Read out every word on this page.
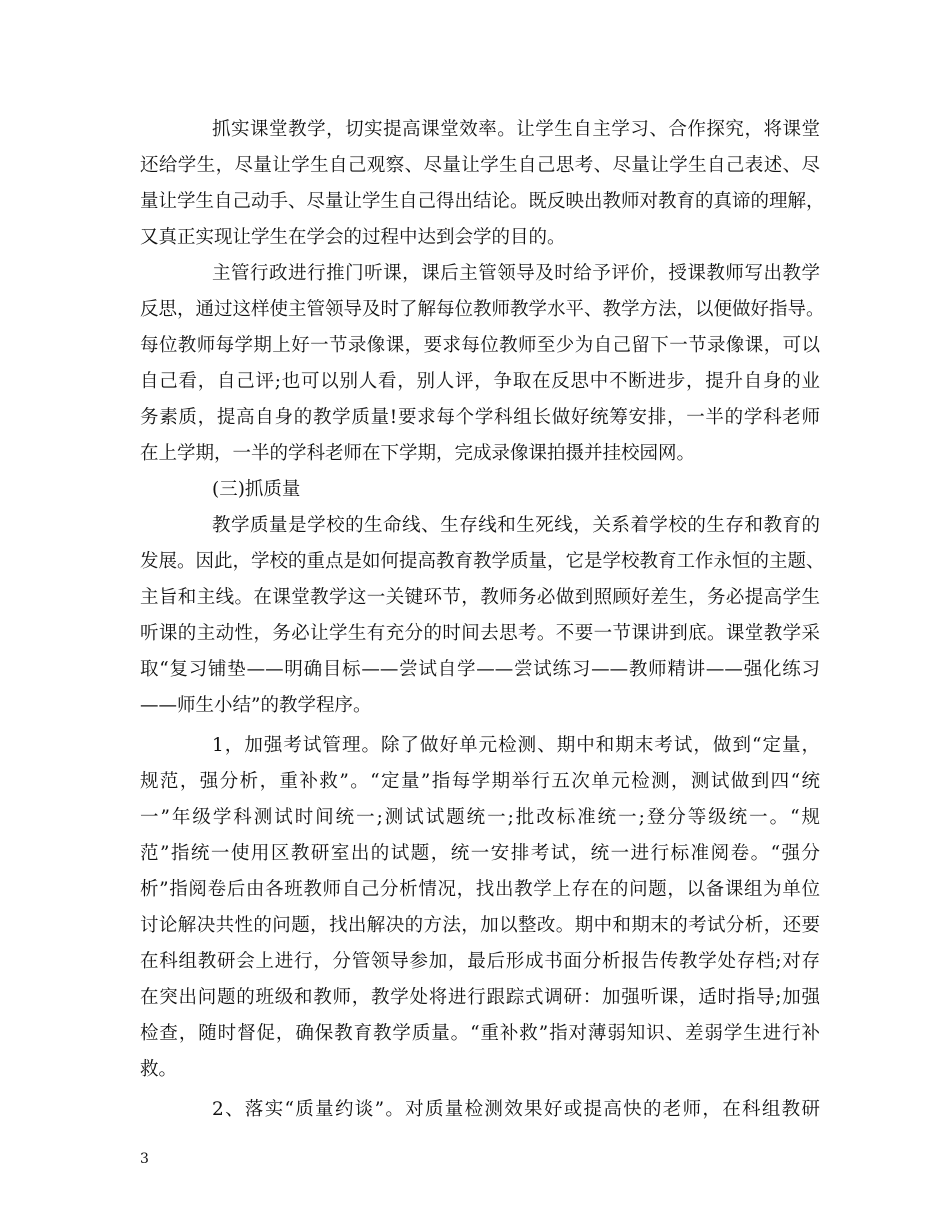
抓实课堂教学，切实提高课堂效率。让学生自主学习、合作探究，将课堂
还给学生，尽量让学生自己观察、尽量让学生自己思考、尽量让学生自己表述、尽
量让学生自己动手、尽量让学生自己得出结论。既反映出教师对教育的真谛的理解，
又真正实现让学生在学会的过程中达到会学的目的。
主管行政进行推门听课，课后主管领导及时给予评价，授课教师写出教学
反思，通过这样使主管领导及时了解每位教师教学水平、教学方法，以便做好指导。
每位教师每学期上好一节录像课，要求每位教师至少为自己留下一节录像课，可以
自己看，自己评;也可以别人看，别人评，争取在反思中不断进步，提升自身的业
务素质，提高自身的教学质量!要求每个学科组长做好统筹安排，一半的学科老师
在上学期，一半的学科老师在下学期，完成录像课拍摄并挂校园网。
(三)抓质量
教学质量是学校的生命线、生存线和生死线，关系着学校的生存和教育的
发展。因此，学校的重点是如何提高教育教学质量，它是学校教育工作永恒的主题、
主旨和主线。在课堂教学这一关键环节，教师务必做到照顾好差生，务必提高学生
听课的主动性，务必让学生有充分的时间去思考。不要一节课讲到底。课堂教学采
取“复习铺垫——明确目标——尝试自学——尝试练习——教师精讲——强化练习
——师生小结”的教学程序。
1，加强考试管理。除了做好单元检测、期中和期末考试，做到“定量，
规范，强分析，重补救”。“定量”指每学期举行五次单元检测，测试做到四“统
一”年级学科测试时间统一;测试试题统一;批改标准统一;登分等级统一。“规
范”指统一使用区教研室出的试题，统一安排考试，统一进行标准阅卷。“强分
析”指阅卷后由各班教师自己分析情况，找出教学上存在的问题，以备课组为单位
讨论解决共性的问题，找出解决的方法，加以整改。期中和期末的考试分析，还要
在科组教研会上进行，分管领导参加，最后形成书面分析报告传教学处存档;对存
在突出问题的班级和教师，教学处将进行跟踪式调研：加强听课，适时指导;加强
检查，随时督促，确保教育教学质量。“重补救”指对薄弱知识、差弱学生进行补
救。
2、落实“质量约谈”。对质量检测效果好或提高快的老师，在科组教研
3
